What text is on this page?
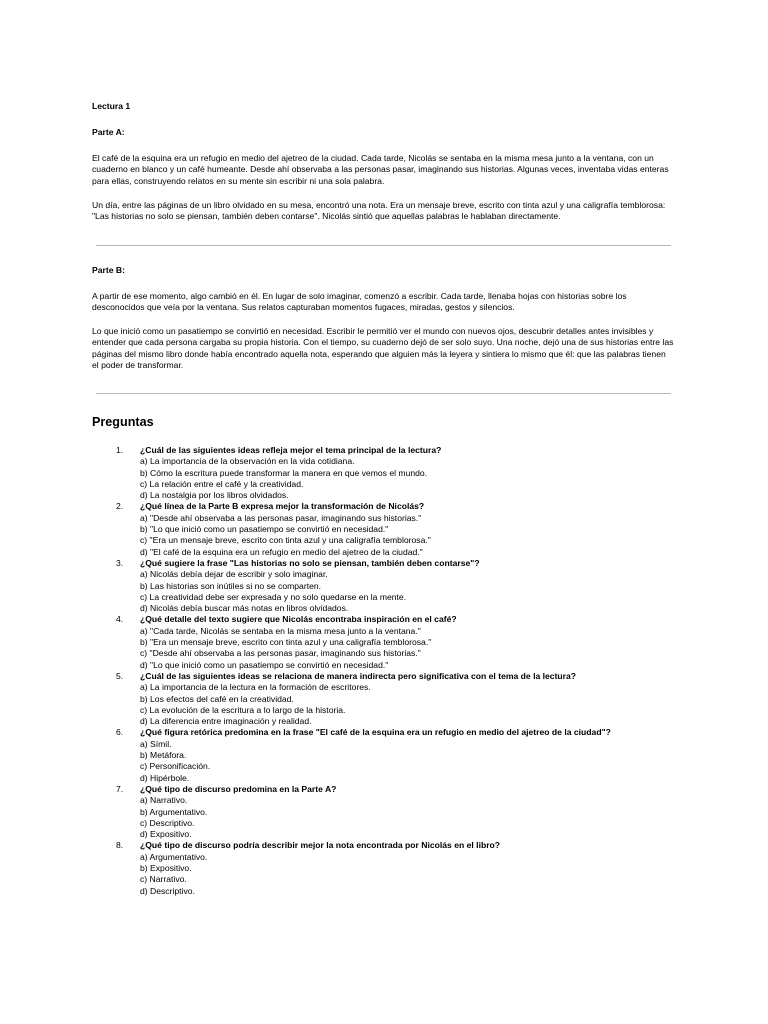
Lectura 1

Parte A:

El café de la esquina era un refugio en medio del ajetreo de la ciudad. Cada tarde, Nicolás se sentaba en la misma mesa junto a la ventana, con un cuaderno en blanco y un café humeante. Desde ahí observaba a las personas pasar, imaginando sus historias. Algunas veces, inventaba vidas enteras para ellas, construyendo relatos en su mente sin escribir ni una sola palabra.

Un día, entre las páginas de un libro olvidado en su mesa, encontró una nota. Era un mensaje breve, escrito con tinta azul y una caligrafía temblorosa: "Las historias no solo se piensan, también deben contarse". Nicolás sintió que aquellas palabras le hablaban directamente.

Parte B:

A partir de ese momento, algo cambió en él. En lugar de solo imaginar, comenzó a escribir. Cada tarde, llenaba hojas con historias sobre los desconocidos que veía por la ventana. Sus relatos capturaban momentos fugaces, miradas, gestos y silencios.

Lo que inició como un pasatiempo se convirtió en necesidad. Escribir le permitió ver el mundo con nuevos ojos, descubrir detalles antes invisibles y entender que cada persona cargaba su propia historia. Con el tiempo, su cuaderno dejó de ser solo suyo. Una noche, dejó una de sus historias entre las páginas del mismo libro donde había encontrado aquella nota, esperando que alguien más la leyera y sintiera lo mismo que él: que las palabras tienen el poder de transformar.

Preguntas
1.	¿Cuál de las siguientes ideas refleja mejor el tema principal de la lectura?
a) La importancia de la observación en la vida cotidiana.
b) Cómo la escritura puede transformar la manera en que vemos el mundo.
c) La relación entre el café y la creatividad.
d) La nostalgia por los libros olvidados.
2.	¿Qué línea de la Parte B expresa mejor la transformación de Nicolás?
a) "Desde ahí observaba a las personas pasar, imaginando sus historias."
b) "Lo que inició como un pasatiempo se convirtió en necesidad."
c) "Era un mensaje breve, escrito con tinta azul y una caligrafía temblorosa."
d) "El café de la esquina era un refugio en medio del ajetreo de la ciudad."
3.	¿Qué sugiere la frase "Las historias no solo se piensan, también deben contarse"?
a) Nicolás debía dejar de escribir y solo imaginar.
b) Las historias son inútiles si no se comparten.
c) La creatividad debe ser expresada y no solo quedarse en la mente.
d) Nicolás debía buscar más notas en libros olvidados.
4.	¿Qué detalle del texto sugiere que Nicolás encontraba inspiración en el café?
a) "Cada tarde, Nicolás se sentaba en la misma mesa junto a la ventana."
b) "Era un mensaje breve, escrito con tinta azul y una caligrafía temblorosa."
c) "Desde ahí observaba a las personas pasar, imaginando sus historias."
d) "Lo que inició como un pasatiempo se convirtió en necesidad."
5.	¿Cuál de las siguientes ideas se relaciona de manera indirecta pero significativa con el tema de la lectura?
a) La importancia de la lectura en la formación de escritores.
b) Los efectos del café en la creatividad.
c) La evolución de la escritura a lo largo de la historia.
d) La diferencia entre imaginación y realidad.
6.	¿Qué figura retórica predomina en la frase "El café de la esquina era un refugio en medio del ajetreo de la ciudad"?
a) Símil.
b) Metáfora.
c) Personificación.
d) Hipérbole.
7.	¿Qué tipo de discurso predomina en la Parte A?
a) Narrativo.
b) Argumentativo.
c) Descriptivo.
d) Expositivo.
8.	¿Qué tipo de discurso podría describir mejor la nota encontrada por Nicolás en el libro?
a) Argumentativo.
b) Expositivo.
c) Narrativo.
d) Descriptivo.
